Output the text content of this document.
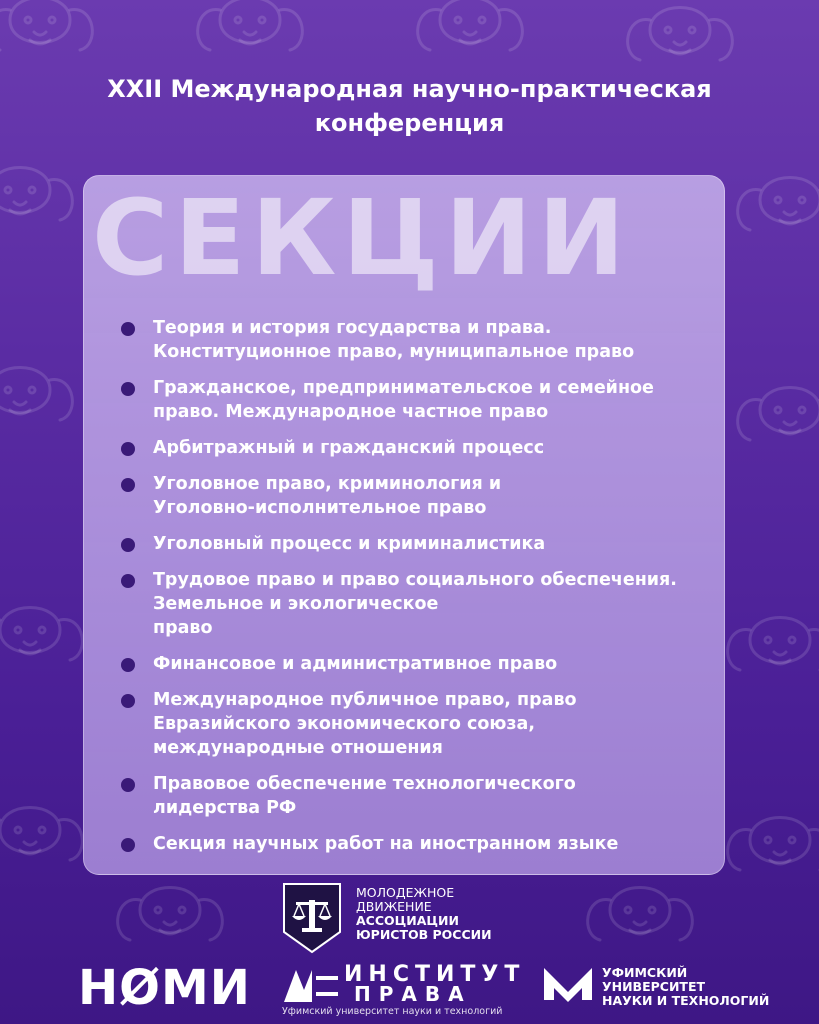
XXII Международная научно-практическая
конференция
СЕКЦИИ
Теория и история государства и права.
Конституционное право, муниципальное право
Гражданское, предпринимательское и семейное
право. Международное частное право
Арбитражный и гражданский процесс
Уголовное право, криминология и
Уголовно-исполнительное право
Уголовный процесс и криминалистика
Трудовое право и право социального обеспечения.
Земельное и экологическое
право
Финансовое и административное право
Международное публичное право, право
Евразийского экономического союза,
международные отношения
Правовое обеспечение технологического
лидерства РФ
Секция научных работ на иностранном языке
МОЛОДЕЖНОЕ
ДВИЖЕНИЕ
АССОЦИАЦИИ
ЮРИСТОВ РОССИИ
НØМИ	ИНСТИТУТ
ПРАВА
Уфимский университет науки и технологий
УФИМСКИЙ
УНИВЕРСИТЕТ
НАУКИ И ТЕХНОЛОГИЙ
